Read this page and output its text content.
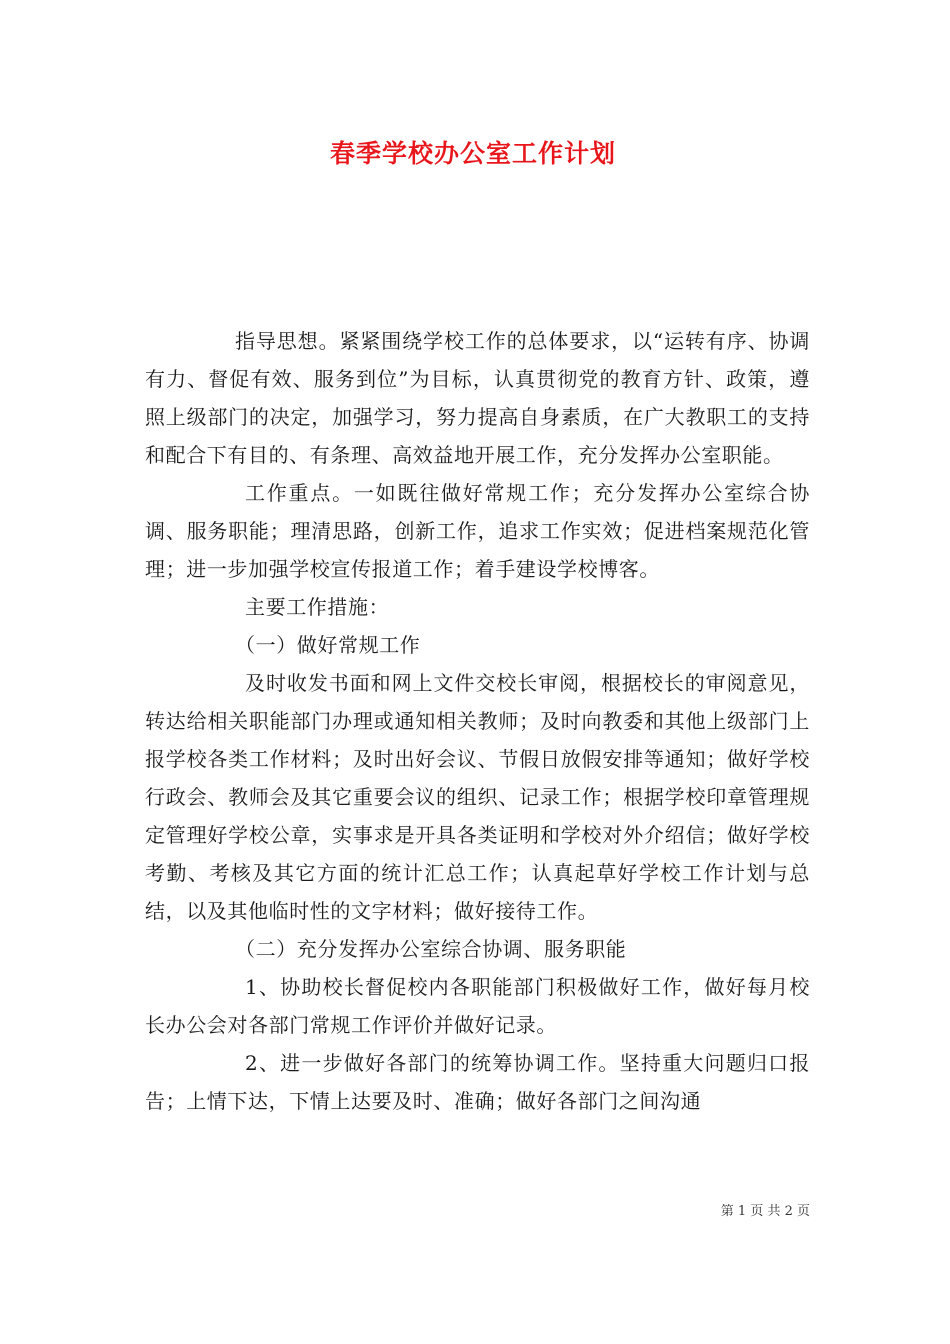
春季学校办公室工作计划

指导思想。紧紧围绕学校工作的总体要求，以“运转有序、协调有力、督促有效、服务到位”为目标，认真贯彻党的教育方针、政策，遵照上级部门的决定，加强学习，努力提高自身素质，在广大教职工的支持和配合下有目的、有条理、高效益地开展工作，充分发挥办公室职能。

工作重点。一如既往做好常规工作；充分发挥办公室综合协调、服务职能；理清思路，创新工作，追求工作实效；促进档案规范化管理；进一步加强学校宣传报道工作；着手建设学校博客。

主要工作措施：

（一）做好常规工作

及时收发书面和网上文件交校长审阅，根据校长的审阅意见，转达给相关职能部门办理或通知相关教师；及时向教委和其他上级部门上报学校各类工作材料；及时出好会议、节假日放假安排等通知；做好学校行政会、教师会及其它重要会议的组织、记录工作；根据学校印章管理规定管理好学校公章，实事求是开具各类证明和学校对外介绍信；做好学校考勤、考核及其它方面的统计汇总工作；认真起草好学校工作计划与总结，以及其他临时性的文字材料；做好接待工作。

（二）充分发挥办公室综合协调、服务职能

1、协助校长督促校内各职能部门积极做好工作，做好每月校长办公会对各部门常规工作评价并做好记录。

2、进一步做好各部门的统筹协调工作。坚持重大问题归口报告；上情下达，下情上达要及时、准确；做好各部门之间沟通

第 1 页 共 2 页
